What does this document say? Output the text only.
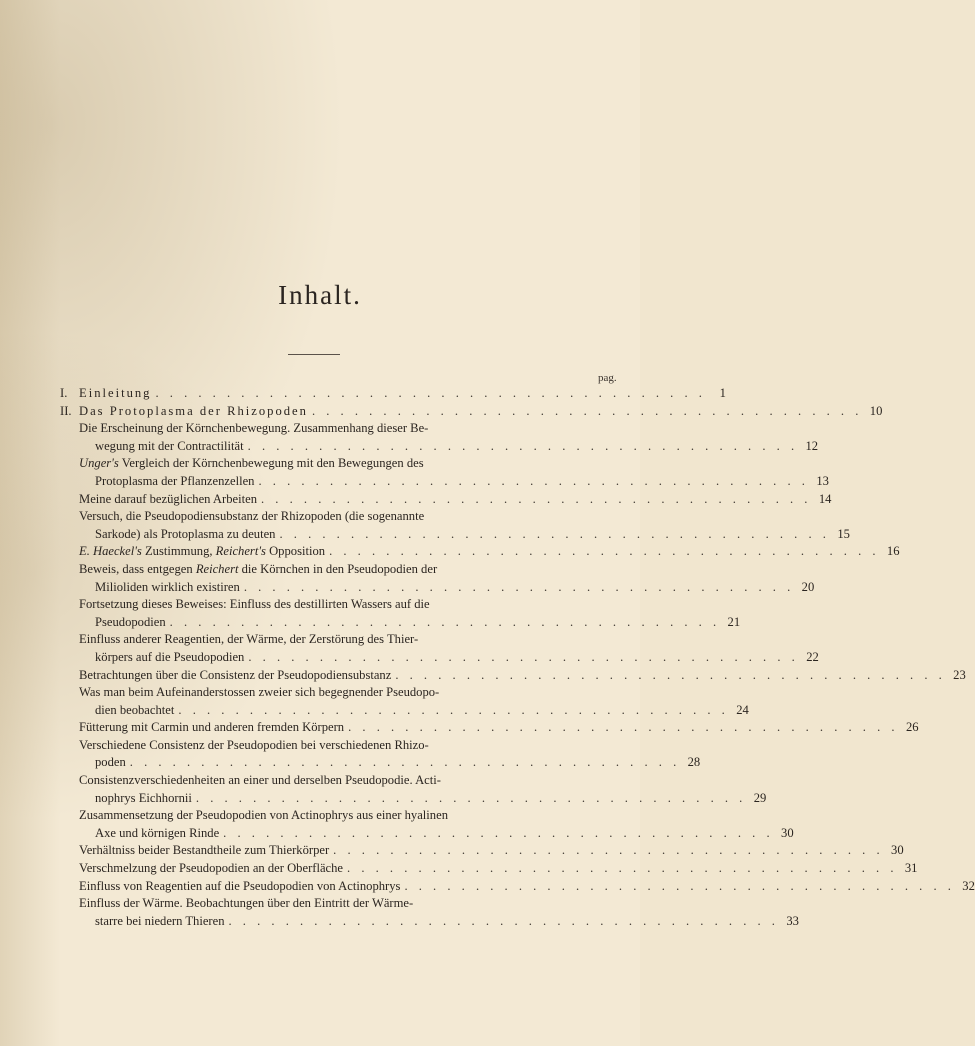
Inhalt.
pag.
I. Einleitung . . . . . . . . . . . . . . . . . . . . . . . . . . . . . . . . . . . . . . .	1
II. Das Protoplasma der Rhizopoden . . . . . . . . . . . . . . . . . . . . . . . . . . . . . . . . . . . . . . . 10
Die Erscheinung der Körnchenbewegung. Zusammenhang dieser Be-
wegung mit der Contractilität . . . . . . . . . . . . . . . . . . . . . . . . . . . . . . . . . . . . . . . 12
Unger's Vergleich der Körnchenbewegung mit den Bewegungen des
Protoplasma der Pflanzenzellen . . . . . . . . . . . . . . . . . . . . . . . . . . . . . . . . . . . . . . . 13
Meine darauf bezüglichen Arbeiten . . . . . . . . . . . . . . . . . . . . . . . . . . . . . . . . . . . . . . . 14
Versuch, die Pseudopodiensubstanz der Rhizopoden (die sogenannte
Sarkode) als Protoplasma zu deuten . . . . . . . . . . . . . . . . . . . . . . . . . . . . . . . . . . . . . . . 15
E. Haeckel's Zustimmung, Reichert's Opposition . . . . . . . . . . . . . . . . . . . . . . . . . . . . . . . . . . . . . . . 16
Beweis, dass entgegen Reichert die Körnchen in den Pseudopodien der
Milioliden wirklich existiren . . . . . . . . . . . . . . . . . . . . . . . . . . . . . . . . . . . . . . . 20
Fortsetzung dieses Beweises: Einfluss des destillirten Wassers auf die
Pseudopodien . . . . . . . . . . . . . . . . . . . . . . . . . . . . . . . . . . . . . . . 21
Einfluss anderer Reagentien, der Wärme, der Zerstörung des Thier-
körpers auf die Pseudopodien . . . . . . . . . . . . . . . . . . . . . . . . . . . . . . . . . . . . . . . 22
Betrachtungen über die Consistenz der Pseudopodiensubstanz . . . . . . . . . . . . . . . . . . . . . . . . . . . . . . . . . . . . . . . 23
Was man beim Aufeinanderstossen zweier sich begegnender Pseudopo-
dien beobachtet . . . . . . . . . . . . . . . . . . . . . . . . . . . . . . . . . . . . . . . 24
Fütterung mit Carmin und anderen fremden Körpern . . . . . . . . . . . . . . . . . . . . . . . . . . . . . . . . . . . . . . . 26
Verschiedene Consistenz der Pseudopodien bei verschiedenen Rhizo-
poden . . . . . . . . . . . . . . . . . . . . . . . . . . . . . . . . . . . . . . . 28
Consistenzverschiedenheiten an einer und derselben Pseudopodie. Acti-
nophrys Eichhornii . . . . . . . . . . . . . . . . . . . . . . . . . . . . . . . . . . . . . . . 29
Zusammensetzung der Pseudopodien von Actinophrys aus einer hyalinen
Axe und körnigen Rinde . . . . . . . . . . . . . . . . . . . . . . . . . . . . . . . . . . . . . . . 30
Verhältniss beider Bestandtheile zum Thierkörper . . . . . . . . . . . . . . . . . . . . . . . . . . . . . . . . . . . . . . . 30
Verschmelzung der Pseudopodien an der Oberfläche . . . . . . . . . . . . . . . . . . . . . . . . . . . . . . . . . . . . . . . 31
Einfluss von Reagentien auf die Pseudopodien von Actinophrys . . . . . . . . . . . . . . . . . . . . . . . . . . . . . . . . . . . . . . . 32
Einfluss der Wärme. Beobachtungen über den Eintritt der Wärme-
starre bei niedern Thieren . . . . . . . . . . . . . . . . . . . . . . . . . . . . . . . . . . . . . . . 33
